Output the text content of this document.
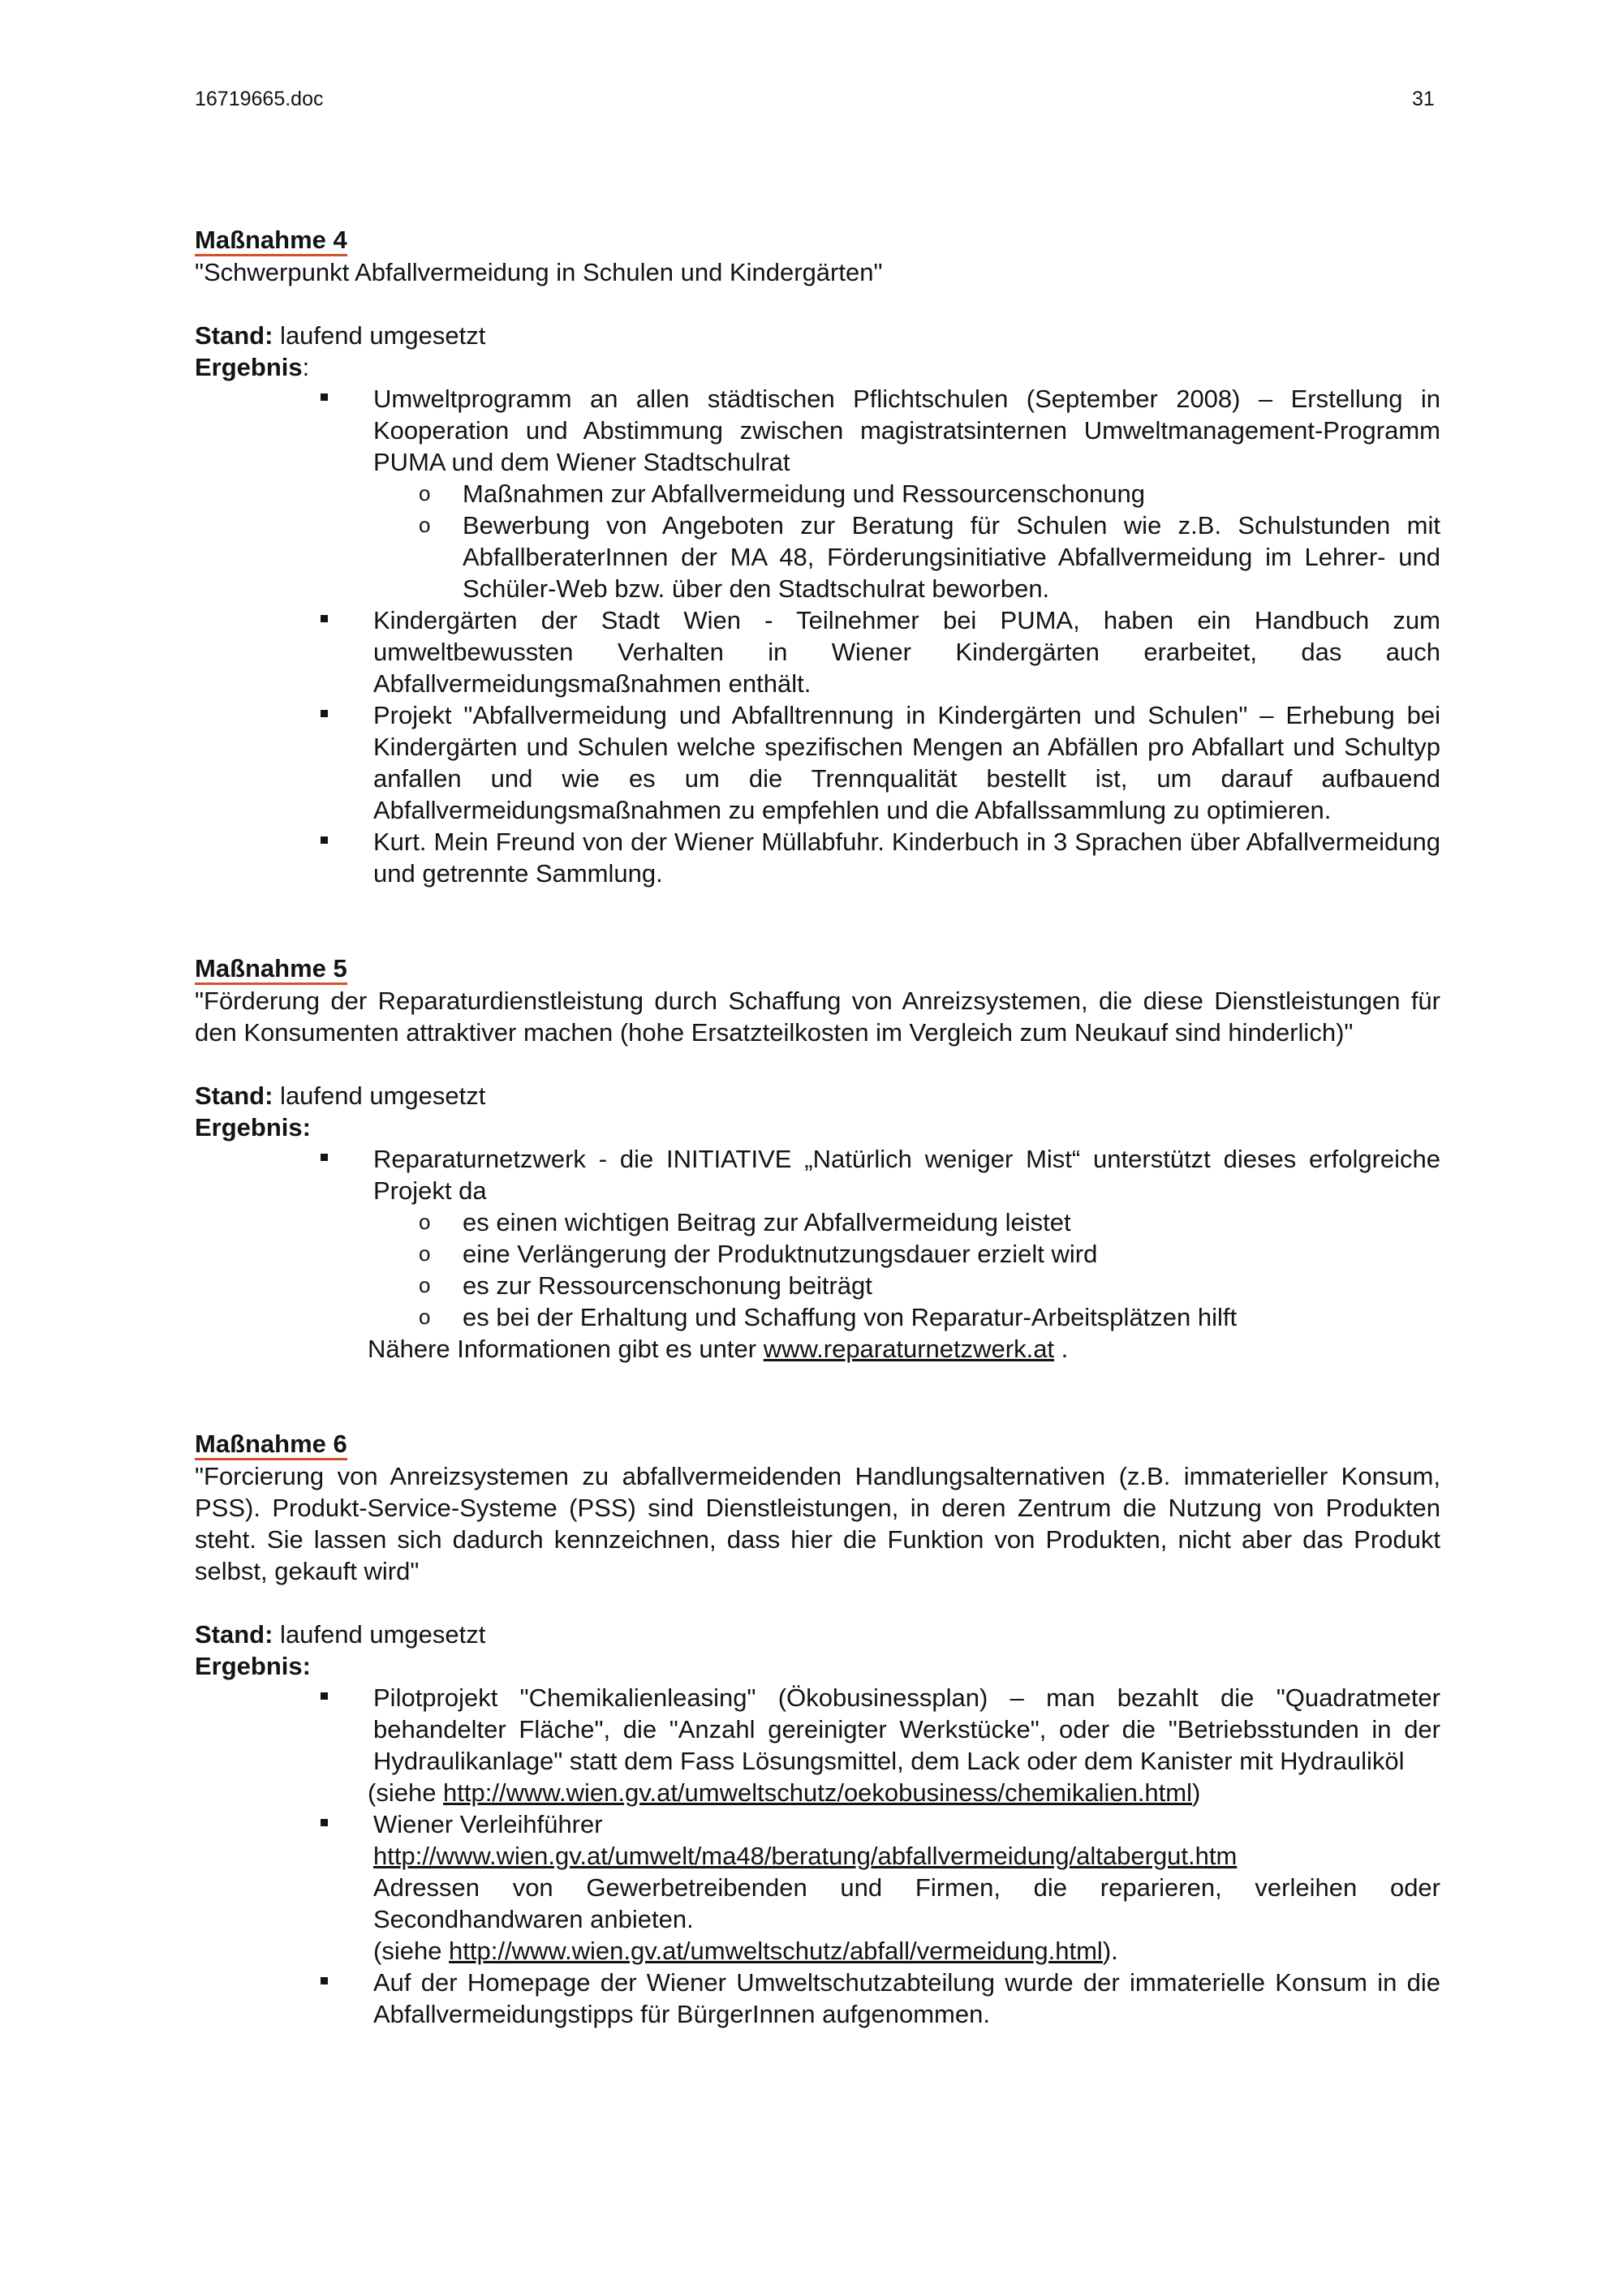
16719665.doc	31
Maßnahme 4
"Schwerpunkt Abfallvermeidung in Schulen und Kindergärten"
Stand: laufend umgesetzt
Ergebnis:
Umweltprogramm an allen städtischen Pflichtschulen (September 2008) – Erstellung in Kooperation und Abstimmung zwischen magistratsinternen Umweltmanagement-Programm PUMA und dem Wiener Stadtschulrat
o Maßnahmen zur Abfallvermeidung und Ressourcenschonung
o Bewerbung von Angeboten zur Beratung für Schulen wie z.B. Schulstunden mit AbfallberaterInnen der MA 48, Förderungsinitiative Abfallvermeidung im Lehrer- und Schüler-Web bzw. über den Stadtschulrat beworben.
Kindergärten der Stadt Wien - Teilnehmer bei PUMA, haben ein Handbuch zum umweltbewussten Verhalten in Wiener Kindergärten erarbeitet, das auch Abfallvermeidungsmaßnahmen enthält.
Projekt "Abfallvermeidung und Abfalltrennung in Kindergärten und Schulen" – Erhebung bei Kindergärten und Schulen welche spezifischen Mengen an Abfällen pro Abfallart und Schultyp anfallen und wie es um die Trennqualität bestellt ist, um darauf aufbauend Abfallvermeidungsmaßnahmen zu empfehlen und die Abfallssammlung zu optimieren.
Kurt. Mein Freund von der Wiener Müllabfuhr. Kinderbuch in 3 Sprachen über Abfallvermeidung und getrennte Sammlung.
Maßnahme 5
"Förderung der Reparaturdienstleistung durch Schaffung von Anreizsystemen, die diese Dienstleistungen für den Konsumenten attraktiver machen (hohe Ersatzteilkosten im Vergleich zum Neukauf sind hinderlich)"
Stand: laufend umgesetzt
Ergebnis:
Reparaturnetzwerk - die INITIATIVE „Natürlich weniger Mist“ unterstützt dieses erfolgreiche Projekt da
o es einen wichtigen Beitrag zur Abfallvermeidung leistet
o eine Verlängerung der Produktnutzungsdauer erzielt wird
o es zur Ressourcenschonung beiträgt
o es bei der Erhaltung und Schaffung von Reparatur-Arbeitsplätzen hilft
Nähere Informationen gibt es unter www.reparaturnetzwerk.at .
Maßnahme 6
"Forcierung von Anreizsystemen zu abfallvermeidenden Handlungsalternativen (z.B. immaterieller Konsum, PSS). Produkt-Service-Systeme (PSS) sind Dienstleistungen, in deren Zentrum die Nutzung von Produkten steht. Sie lassen sich dadurch kennzeichnen, dass hier die Funktion von Produkten, nicht aber das Produkt selbst, gekauft wird"
Stand: laufend umgesetzt
Ergebnis:
Pilotprojekt "Chemikalienleasing" (Ökobusinessplan) – man bezahlt die "Quadratmeter behandelter Fläche", die "Anzahl gereinigter Werkstücke", oder die "Betriebsstunden in der Hydraulikanlage" statt dem Fass Lösungsmittel, dem Lack oder dem Kanister mit Hydrauliköl
(siehe http://www.wien.gv.at/umweltschutz/oekobusiness/chemikalien.html)
Wiener Verleihführer
http://www.wien.gv.at/umwelt/ma48/beratung/abfallvermeidung/altabergut.htm
Adressen von Gewerbetreibenden und Firmen, die reparieren, verleihen oder Secondhandwaren anbieten.
(siehe http://www.wien.gv.at/umweltschutz/abfall/vermeidung.html).
Auf der Homepage der Wiener Umweltschutzabteilung wurde der immaterielle Konsum in die Abfallvermeidungstipps für BürgerInnen aufgenommen.
